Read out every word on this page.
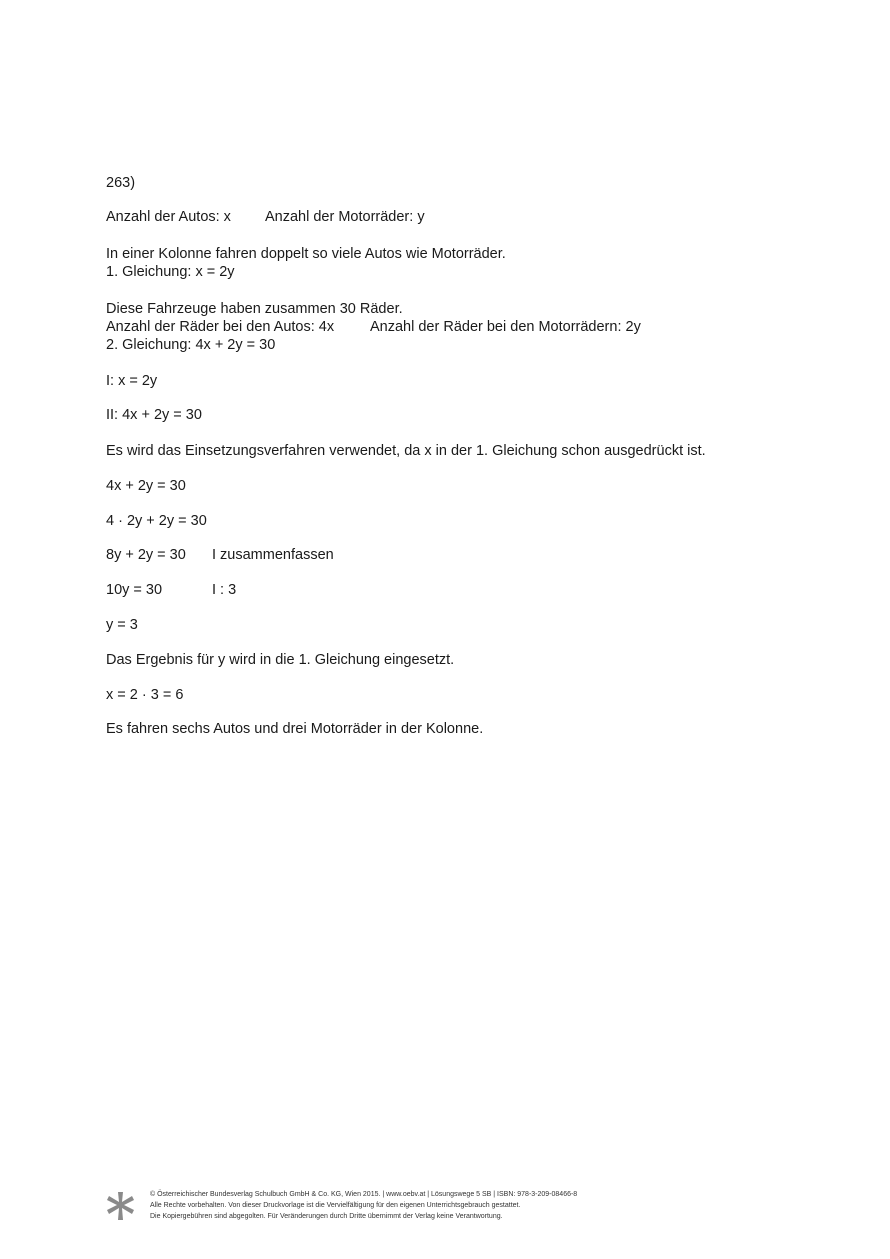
263)
Anzahl der Autos: x Anzahl der Motorräder: y
In einer Kolonne fahren doppelt so viele Autos wie Motorräder.
1. Gleichung: x = 2y
Diese Fahrzeuge haben zusammen 30 Räder.
Anzahl der Räder bei den Autos: 4x Anzahl der Räder bei den Motorrädern: 2y
2. Gleichung: 4x + 2y = 30
I: x = 2y
II: 4x + 2y = 30
Es wird das Einsetzungsverfahren verwendet, da x in der 1. Gleichung schon ausgedrückt ist.
4x + 2y = 30
4 · 2y + 2y = 30
8y + 2y = 30 I zusammenfassen
10y = 30	I : 3
y = 3
Das Ergebnis für y wird in die 1. Gleichung eingesetzt.
x = 2 · 3 = 6
Es fahren sechs Autos und drei Motorräder in der Kolonne.
© Österreichischer Bundesverlag Schulbuch GmbH & Co. KG, Wien 2015. | www.oebv.at | Lösungswege 5 SB | ISBN: 978-3-209-08466-8
Alle Rechte vorbehalten. Von dieser Druckvorlage ist die Vervielfältigung für den eigenen Unterrichtsgebrauch gestattet.
Die Kopiergebühren sind abgegolten. Für Veränderungen durch Dritte übernimmt der Verlag keine Verantwortung.
